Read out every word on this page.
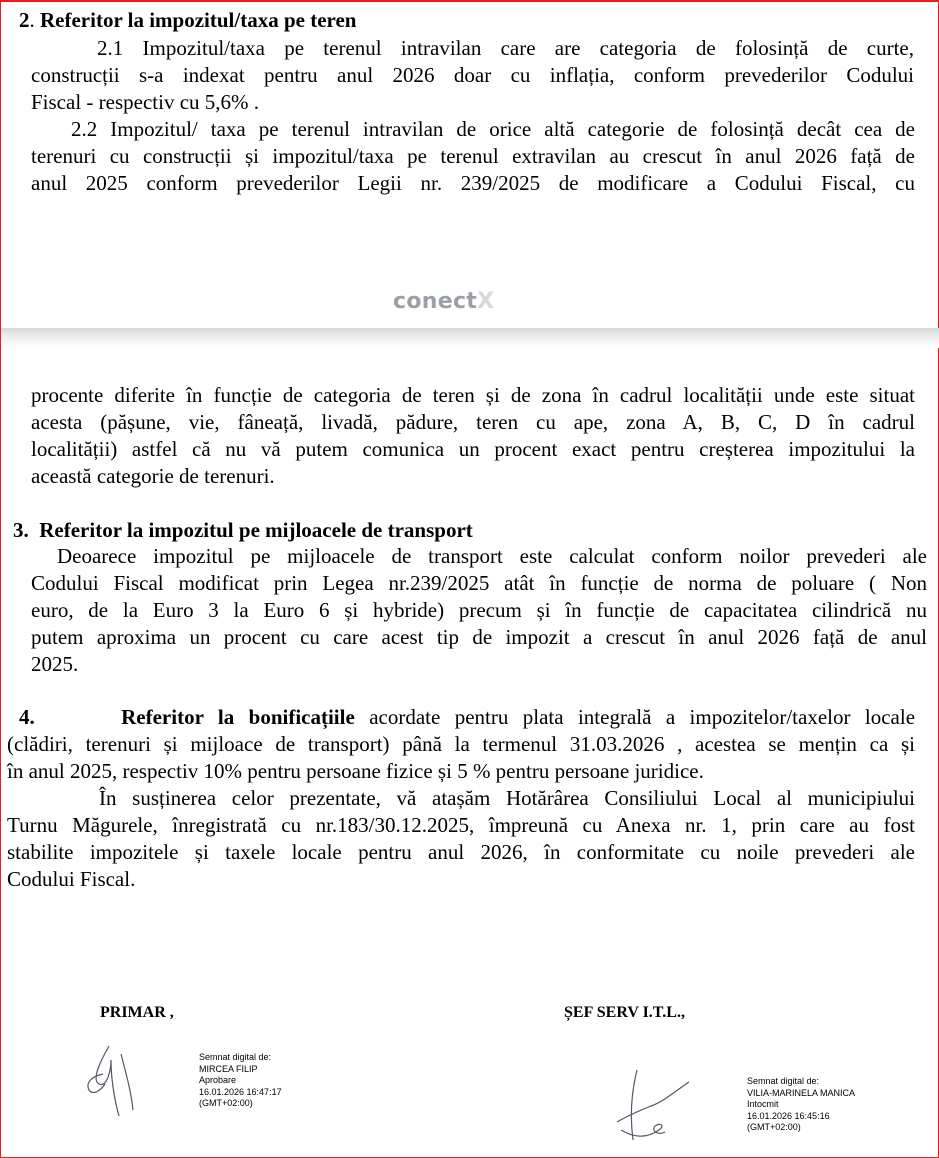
2. Referitor la impozitul/taxa pe teren
2.1 Impozitul/taxa pe terenul intravilan care are categoria de folosință de curte,
construcții s-a indexat pentru anul 2026 doar cu inflația, conform prevederilor Codului
Fiscal - respectiv cu 5,6% .
2.2 Impozitul/ taxa pe terenul intravilan de orice altă categorie de folosință decât cea de
terenuri cu construcții și impozitul/taxa pe terenul extravilan au crescut în anul 2026 față de
anul 2025 conform prevederilor Legii nr. 239/2025 de modificare a Codului Fiscal, cu
conectX
procente diferite în funcție de categoria de teren și de zona în cadrul localității unde este situat
acesta (pășune, vie, fâneață, livadă, pădure, teren cu ape, zona A, B, C, D în cadrul
localității) astfel că nu vă putem comunica un procent exact pentru creșterea impozitului la
această categorie de terenuri.
3. Referitor la impozitul pe mijloacele de transport
Deoarece impozitul pe mijloacele de transport este calculat conform noilor prevederi ale
Codului Fiscal modificat prin Legea nr.239/2025 atât în funcție de norma de poluare ( Non
euro, de la Euro 3 la Euro 6 și hybride) precum și în funcție de capacitatea cilindrică nu
putem aproxima un procent cu care acest tip de impozit a crescut în anul 2026 față de anul
2025.
4.	Referitor la bonificațiile acordate pentru plata integrală a impozitelor/taxelor locale
(clădiri, terenuri și mijloace de transport) până la termenul 31.03.2026 , acestea se mențin ca și
în anul 2025, respectiv 10% pentru persoane fizice și 5 % pentru persoane juridice.
În susținerea celor prezentate, vă atașăm Hotărârea Consiliului Local al municipiului
Turnu Măgurele, înregistrată cu nr.183/30.12.2025, împreună cu Anexa nr. 1, prin care au fost
stabilite impozitele și taxele locale pentru anul 2026, în conformitate cu noile prevederi ale
Codului Fiscal.
PRIMAR ,	ȘEF SERV I.T.L.,
Semnat digital de:
MIRCEA FILIP
Aprobare
16.01.2026 16:47:17
(GMT+02:00)
Semnat digital de:
VILIA-MARINELA MANICA
Intocmit
16.01.2026 16:45:16
(GMT+02:00)
